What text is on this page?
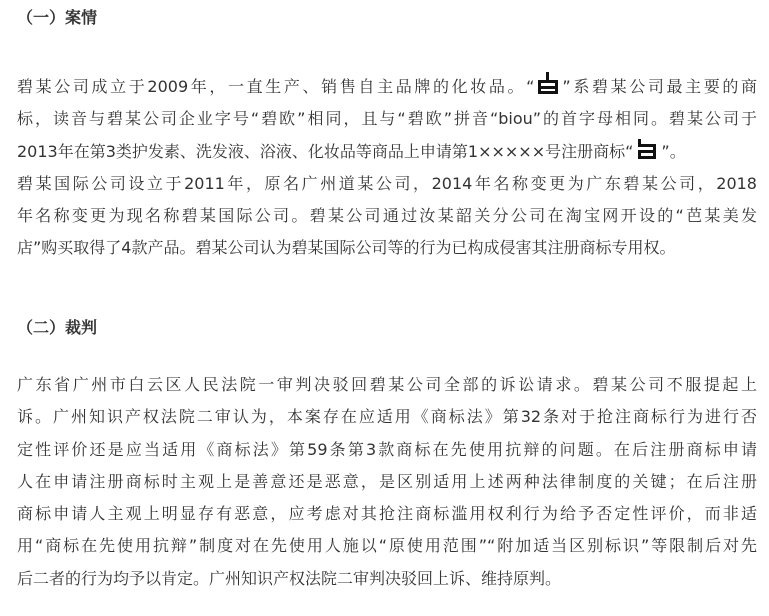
（一）案情
碧某公司成立于2009年，一直生产、销售自主品牌的化妆品。“ ”系碧某公司最主要的商
标，读音与碧某公司企业字号“碧欧”相同，且与“碧欧”拼音“biou”的首字母相同。碧某公司于
2013年在第3类护发素、洗发液、浴液、化妆品等商品上申请第1×××××号注册商标“ ”。
碧某国际公司设立于2011年，原名广州道某公司，2014年名称变更为广东碧某公司，2018
年名称变更为现名称碧某国际公司。碧某公司通过汝某韶关分公司在淘宝网开设的“芭某美发
店”购买取得了4款产品。碧某公司认为碧某国际公司等的行为已构成侵害其注册商标专用权。
（二）裁判
广东省广州市白云区人民法院一审判决驳回碧某公司全部的诉讼请求。碧某公司不服提起上
诉。广州知识产权法院二审认为，本案存在应适用《商标法》第32条对于抢注商标行为进行否
定性评价还是应当适用《商标法》第59条第3款商标在先使用抗辩的问题。在后注册商标申请
人在申请注册商标时主观上是善意还是恶意，是区别适用上述两种法律制度的关键；在后注册
商标申请人主观上明显存有恶意，应考虑对其抢注商标滥用权利行为给予否定性评价，而非适
用“商标在先使用抗辩”制度对在先使用人施以“原使用范围”“附加适当区别标识”等限制后对先
后二者的行为均予以肯定。广州知识产权法院二审判决驳回上诉、维持原判。
